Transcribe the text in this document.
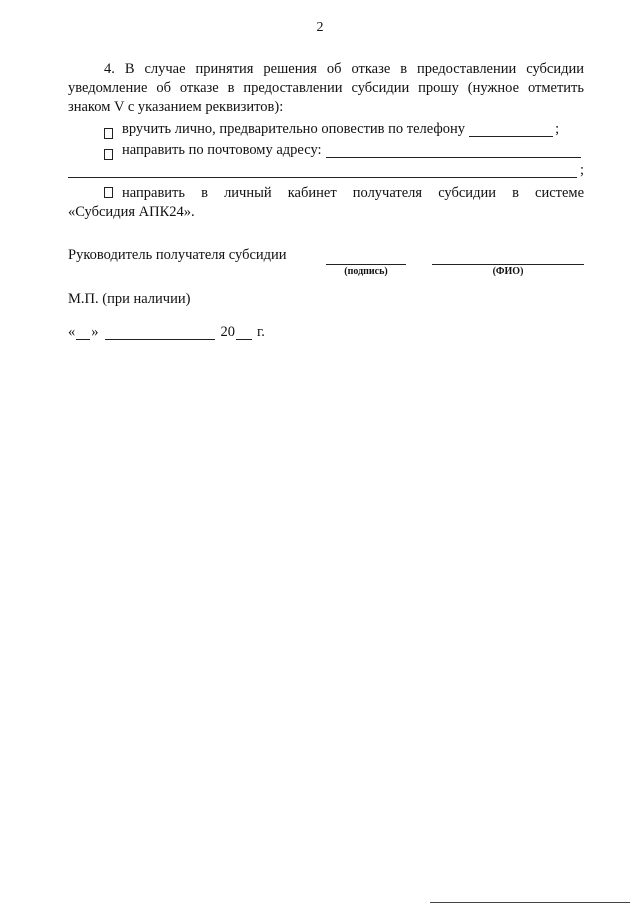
2

4. В случае принятия решения об отказе в предоставлении субсидии уведомление об отказе в предоставлении субсидии прошу (нужное отметить знаком V с указанием реквизитов):

вручить лично, предварительно оповестив по телефону	;
направить по почтовому адресу:
;
направить в личный кабинет получателя субсидии в системе

«Субсидия АПК24».

Руководитель получателя субсидии
(подпись)	(ФИО)
М.П. (при наличии)
« »	20 г.
